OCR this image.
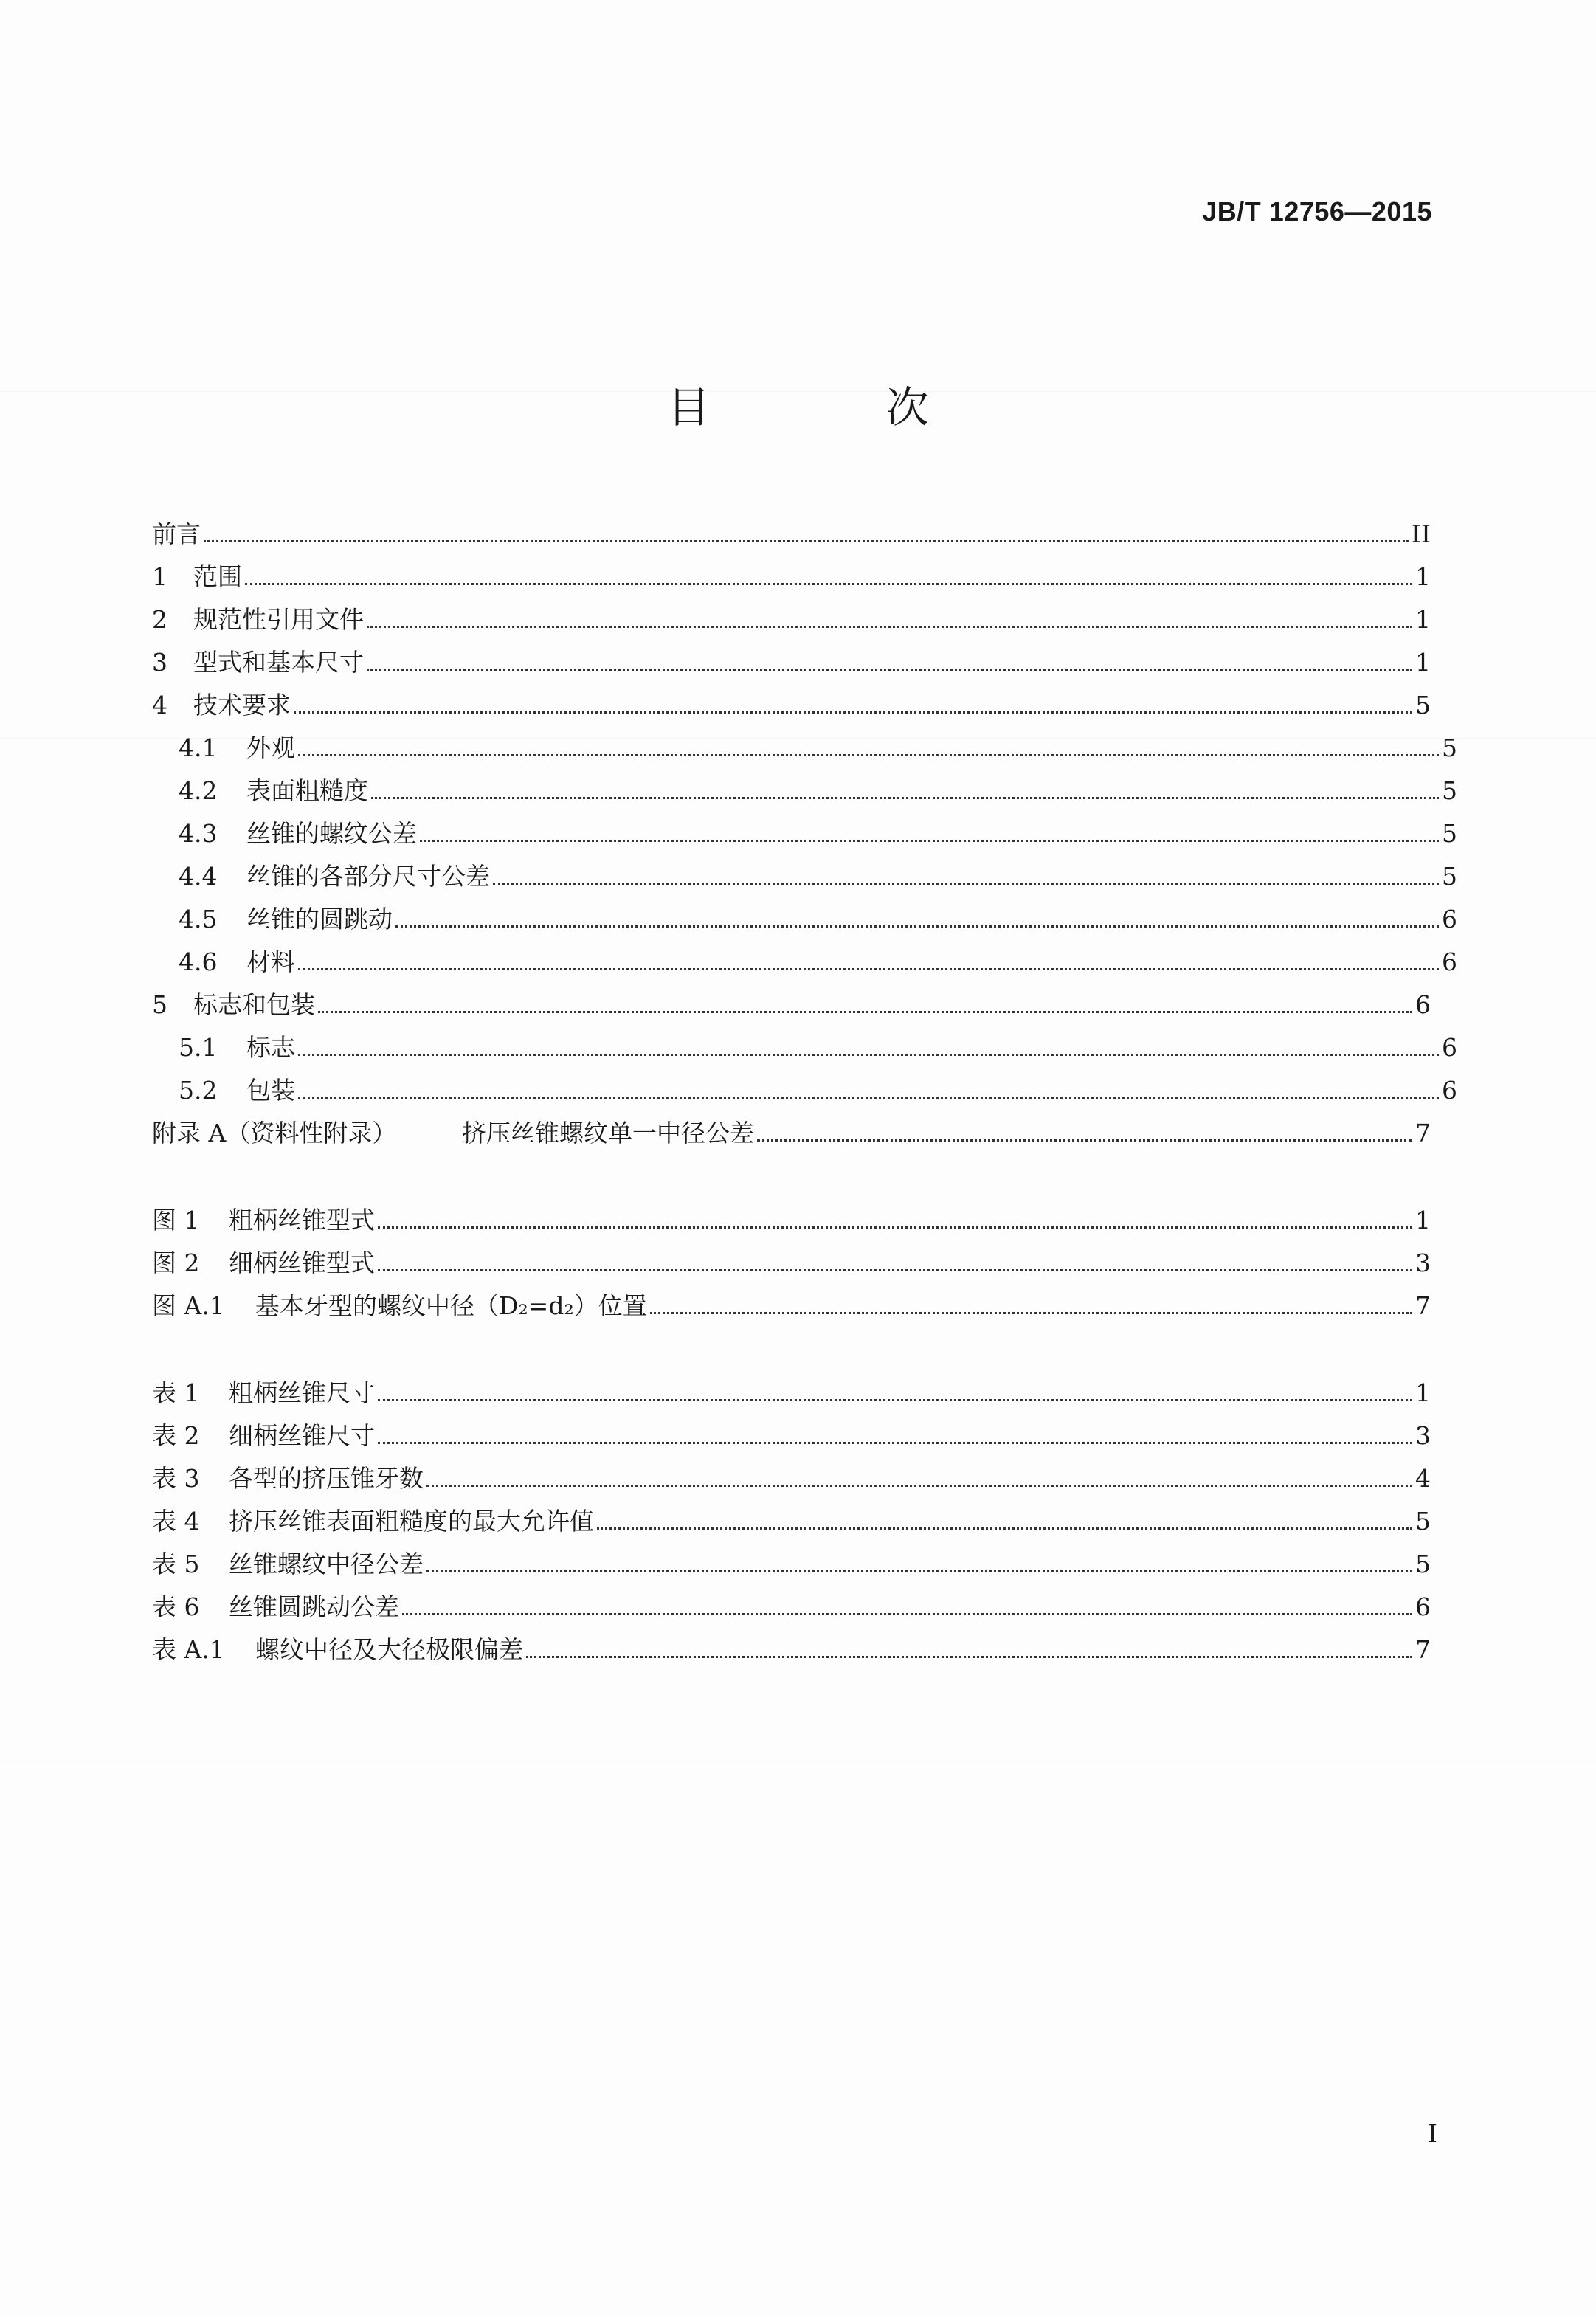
JB/T 12756—2015
目 次
前言	II
1	范围	1
2	规范性引用文件	1
3	型式和基本尺寸	1
4	技术要求	5
4.1	外观	5
4.2	表面粗糙度	5
4.3	丝锥的螺纹公差	5
4.4	丝锥的各部分尺寸公差	5
4.5	丝锥的圆跳动	6
4.6	材料	6
5	标志和包装	6
5.1	标志	6
5.2	包装	6
附录 A（资料性附录）	挤压丝锥螺纹单一中径公差	7
图 1	粗柄丝锥型式	1
图 2	细柄丝锥型式	3
图 A.1	基本牙型的螺纹中径（D₂=d₂）位置	7
表 1	粗柄丝锥尺寸	1
表 2	细柄丝锥尺寸	3
表 3	各型的挤压锥牙数	4
表 4	挤压丝锥表面粗糙度的最大允许值	5
表 5	丝锥螺纹中径公差	5
表 6	丝锥圆跳动公差	6
表 A.1	螺纹中径及大径极限偏差	7
I
